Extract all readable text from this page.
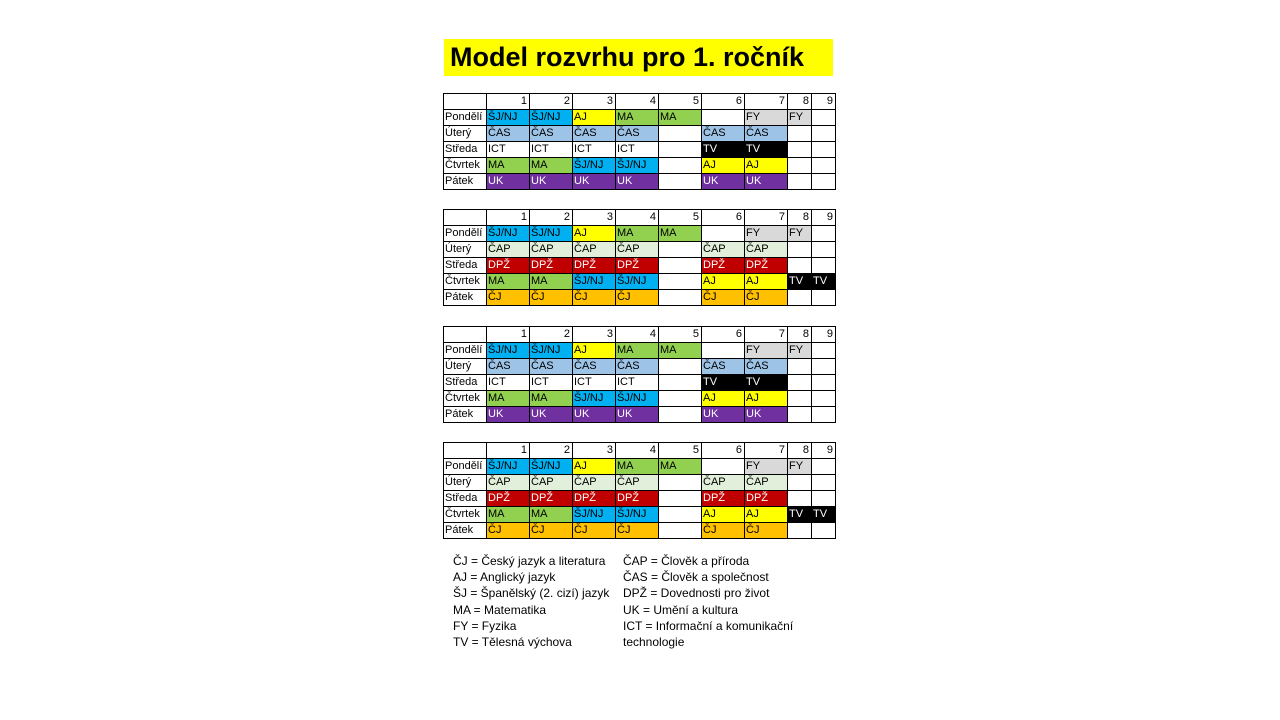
Model rozvrhu pro 1. ročník
	1	2	3	4	5	6	7	8	9
Pondělí	ŠJ/NJ	ŠJ/NJ	AJ	MA	MA		FY	FY	
Úterý	ČAS	ČAS	ČAS	ČAS		ČAS	ČAS		
Středa	ICT	ICT	ICT	ICT		TV	TV		
Čtvrtek	MA	MA	ŠJ/NJ	ŠJ/NJ		AJ	AJ		
Pátek	UK	UK	UK	UK		UK	UK		
	1	2	3	4	5	6	7	8	9
Pondělí	ŠJ/NJ	ŠJ/NJ	AJ	MA	MA		FY	FY	
Úterý	ČAP	ČAP	ČAP	ČAP		ČAP	ČAP		
Středa	DPŽ	DPŽ	DPŽ	DPŽ		DPŽ	DPŽ		
Čtvrtek	MA	MA	ŠJ/NJ	ŠJ/NJ		AJ	AJ	TV	TV
Pátek	ČJ	ČJ	ČJ	ČJ		ČJ	ČJ		
	1	2	3	4	5	6	7	8	9
Pondělí	ŠJ/NJ	ŠJ/NJ	AJ	MA	MA		FY	FY	
Úterý	ČAS	ČAS	ČAS	ČAS		ČAS	ČAS		
Středa	ICT	ICT	ICT	ICT		TV	TV		
Čtvrtek	MA	MA	ŠJ/NJ	ŠJ/NJ		AJ	AJ		
Pátek	UK	UK	UK	UK		UK	UK		
	1	2	3	4	5	6	7	8	9
Pondělí	ŠJ/NJ	ŠJ/NJ	AJ	MA	MA		FY	FY	
Úterý	ČAP	ČAP	ČAP	ČAP		ČAP	ČAP		
Středa	DPŽ	DPŽ	DPŽ	DPŽ		DPŽ	DPŽ		
Čtvrtek	MA	MA	ŠJ/NJ	ŠJ/NJ		AJ	AJ	TV	TV
Pátek	ČJ	ČJ	ČJ	ČJ		ČJ	ČJ		
ČJ = Český jazyk a literatura
AJ = Anglický jazyk
ŠJ = Španělský (2. cizí) jazyk
MA = Matematika
FY = Fyzika
TV = Tělesná výchova
ČAP = Člověk a příroda
ČAS = Člověk a společnost
DPŽ = Dovednosti pro život
UK = Umění a kultura
ICT = Informační a komunikační technologie
